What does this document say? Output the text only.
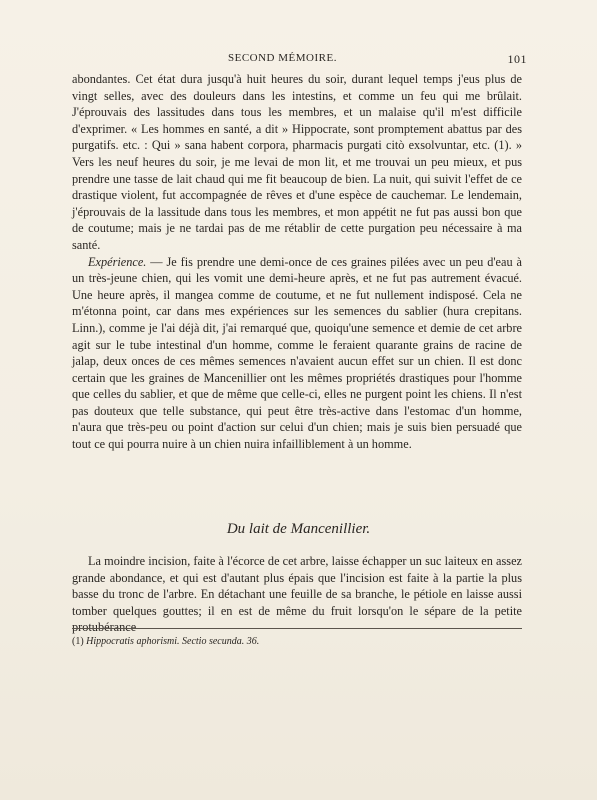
SECOND MÉMOIRE.	101

abondantes. Cet état dura jusqu'à huit heures du soir, durant lequel temps j'eus plus de vingt selles, avec des douleurs dans les intestins, et comme un feu qui me brûlait. J'éprouvais des lassitudes dans tous les membres, et un malaise qu'il m'est difficile d'exprimer. « Les hommes en santé, a dit » Hippocrate, sont promptement abattus par des purgatifs. etc. : Qui » sana habent corpora, pharmacis purgati citò exsolvuntar, etc. (1). » Vers les neuf heures du soir, je me levai de mon lit, et me trouvai un peu mieux, et pus prendre une tasse de lait chaud qui me fit beaucoup de bien. La nuit, qui suivit l'effet de ce drastique violent, fut accompagnée de rêves et d'une espèce de cauchemar. Le lendemain, j'éprouvais de la lassitude dans tous les membres, et mon appétit ne fut pas aussi bon que de coutume; mais je ne tardai pas de me rétablir de cette purgation peu nécessaire à ma santé.

Expérience. — Je fis prendre une demi-once de ces graines pilées avec un peu d'eau à un très-jeune chien, qui les vomit une demi-heure après, et ne fut pas autrement évacué. Une heure après, il mangea comme de coutume, et ne fut nullement indisposé. Cela ne m'étonna point, car dans mes expériences sur les semences du sablier (hura crepitans. Linn.), comme je l'ai déjà dit, j'ai remarqué que, quoiqu'une semence et demie de cet arbre agit sur le tube intestinal d'un homme, comme le feraient quarante grains de racine de jalap, deux onces de ces mêmes semences n'avaient aucun effet sur un chien. Il est donc certain que les graines de Mancenillier ont les mêmes propriétés drastiques pour l'homme que celles du sablier, et que de même que celle-ci, elles ne purgent point les chiens. Il n'est pas douteux que telle substance, qui peut être très-active dans l'estomac d'un homme, n'aura que très-peu ou point d'action sur celui d'un chien; mais je suis bien persuadé que tout ce qui pourra nuire à un chien nuira infailliblement à un homme.

Du lait de Mancenillier.

La moindre incision, faite à l'écorce de cet arbre, laisse échapper un suc laiteux en assez grande abondance, et qui est d'autant plus épais que l'incision est faite à la partie la plus basse du tronc de l'arbre. En détachant une feuille de sa branche, le pétiole en laisse aussi tomber quelques gouttes; il en est de même du fruit lorsqu'on le sépare de la petite protubérance

(1) Hippocratis aphorismi. Sectio secunda. 36.
